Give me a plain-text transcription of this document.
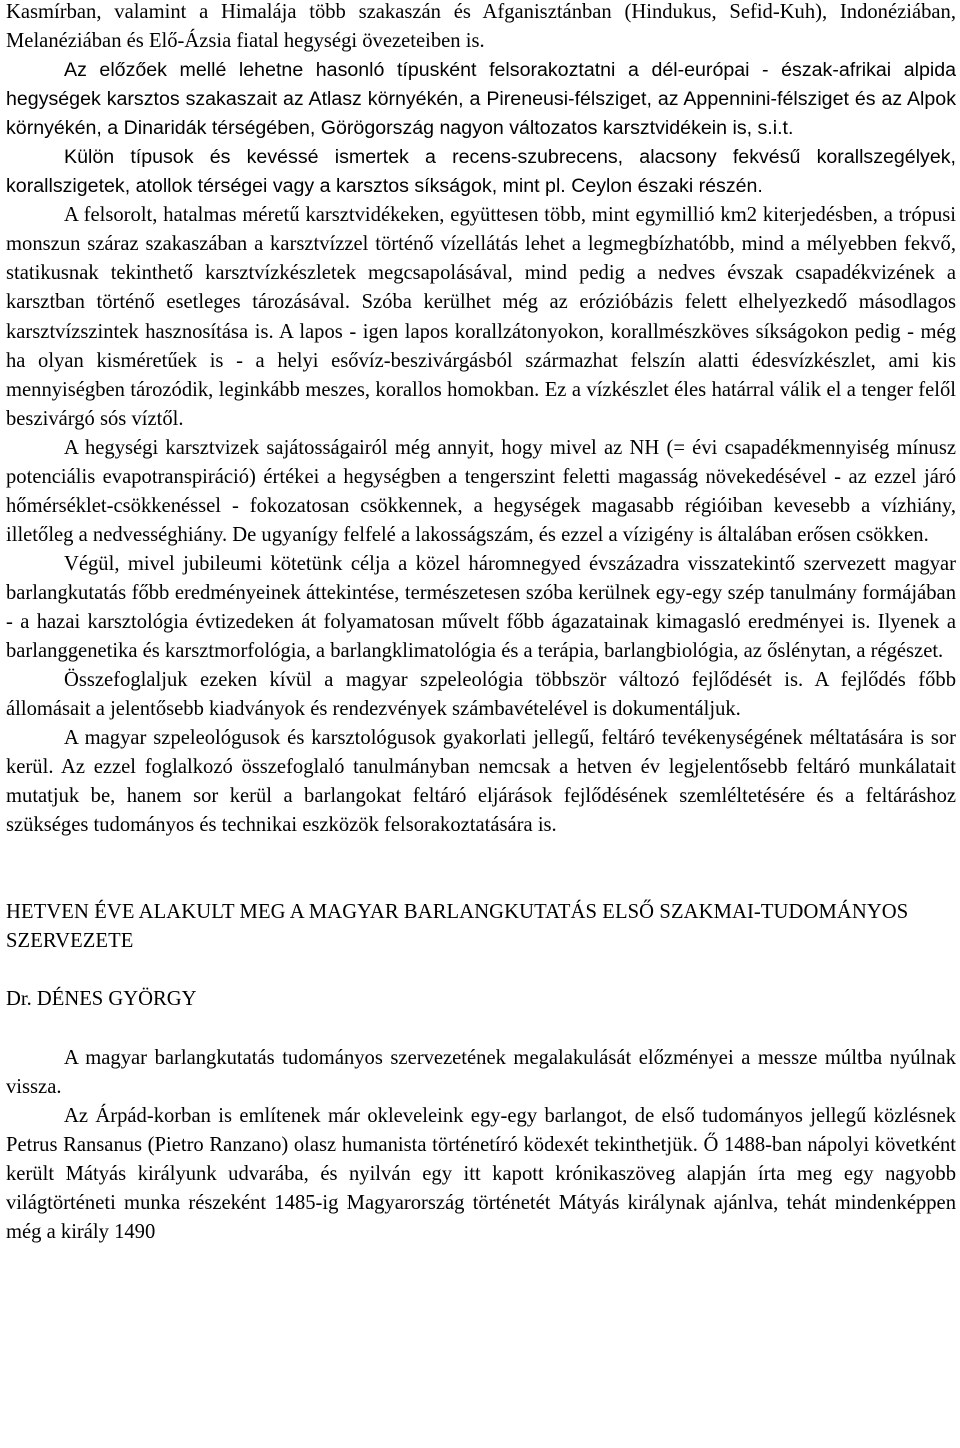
Kasmírban, valamint a Himalája több szakaszán és Afganisztánban (Hindukus, Sefid-Kuh), Indonéziában, Melanéziában és Elő-Ázsia fiatal hegységi övezeteiben is.

Az előzőek mellé lehetne hasonló típusként felsorakoztatni a dél-európai - észak-afrikai alpida hegységek karsztos szakaszait az Atlasz környékén, a Pireneusi-félsziget, az Appennini-félsziget és az Alpok környékén, a Dinaridák térségében, Görögország nagyon változatos karsztvidékein is, s.i.t.

Külön típusok és kevéssé ismertek a recens-szubrecens, alacsony fekvésű korallszegélyek, korallszigetek, atollok térségei vagy a karsztos síkságok, mint pl. Ceylon északi részén.

A felsorolt, hatalmas méretű karsztvidékeken, együttesen több, mint egymillió km2 kiterjedésben, a trópusi monszun száraz szakaszában a karsztvízzel történő vízellátás lehet a legmegbízhatóbb, mind a mélyebben fekvő, statikusnak tekinthető karsztvízkészletek megcsapolásával, mind pedig a nedves évszak csapadékvizének a karsztban történő esetleges tározásával. Szóba kerülhet még az erózióbázis felett elhelyezkedő másodlagos karsztvízszintek hasznosítása is. A lapos - igen lapos korallzátonyokon, korallmészköves síkságokon pedig - még ha olyan kisméretűek is - a helyi esővíz-beszivárgásból származhat felszín alatti édesvízkészlet, ami kis mennyiségben tározódik, leginkább meszes, korallos homokban. Ez a vízkészlet éles határral válik el a tenger felől beszivárgó sós víztől.

A hegységi karsztvizek sajátosságairól még annyit, hogy mivel az NH (= évi csapadékmennyiség mínusz potenciális evapotranspiráció) értékei a hegységben a tengerszint feletti magasság növekedésével - az ezzel járó hőmérséklet-csökkenéssel - fokozatosan csökkennek, a hegységek magasabb régióiban kevesebb a vízhiány, illetőleg a nedvességhiány. De ugyanígy felfelé a lakosságszám, és ezzel a vízigény is általában erősen csökken.

Végül, mivel jubileumi kötetünk célja a közel háromnegyed évszázadra visszatekintő szervezett magyar barlangkutatás főbb eredményeinek áttekintése, természetesen szóba kerülnek egy-egy szép tanulmány formájában - a hazai karsztológia évtizedeken át folyamatosan művelt főbb ágazatainak kimagasló eredményei is. Ilyenek a barlanggenetika és karsztmorfológia, a barlangklimatológia és a terápia, barlangbiológia, az őslénytan, a régészet.

Összefoglaljuk ezeken kívül a magyar szpeleológia többször változó fejlődését is. A fejlődés főbb állomásait a jelentősebb kiadványok és rendezvények számbavételével is dokumentáljuk.

A magyar szpeleológusok és karsztológusok gyakorlati jellegű, feltáró tevékenységének méltatására is sor kerül. Az ezzel foglalkozó összefoglaló tanulmányban nemcsak a hetven év legjelentősebb feltáró munkálatait mutatjuk be, hanem sor kerül a barlangokat feltáró eljárások fejlődésének szemléltetésére és a feltáráshoz szükséges tudományos és technikai eszközök felsorakoztatására is.

HETVEN ÉVE ALAKULT MEG A MAGYAR BARLANGKUTATÁS ELSŐ SZAKMAI-TUDOMÁNYOS SZERVEZETE

Dr. DÉNES GYÖRGY

A magyar barlangkutatás tudományos szervezetének megalakulását előzményei a messze múltba nyúlnak vissza.

Az Árpád-korban is említenek már okleveleink egy-egy barlangot, de első tudományos jellegű közlésnek Petrus Ransanus (Pietro Ranzano) olasz humanista történetíró ködexét tekinthetjük. Ő 1488-ban nápolyi követként került Mátyás királyunk udvarába, és nyilván egy itt kapott krónikaszöveg alapján írta meg egy nagyobb világtörténeti munka részeként 1485-ig Magyarország történetét Mátyás királynak ajánlva, tehát mindenképpen még a király 1490
